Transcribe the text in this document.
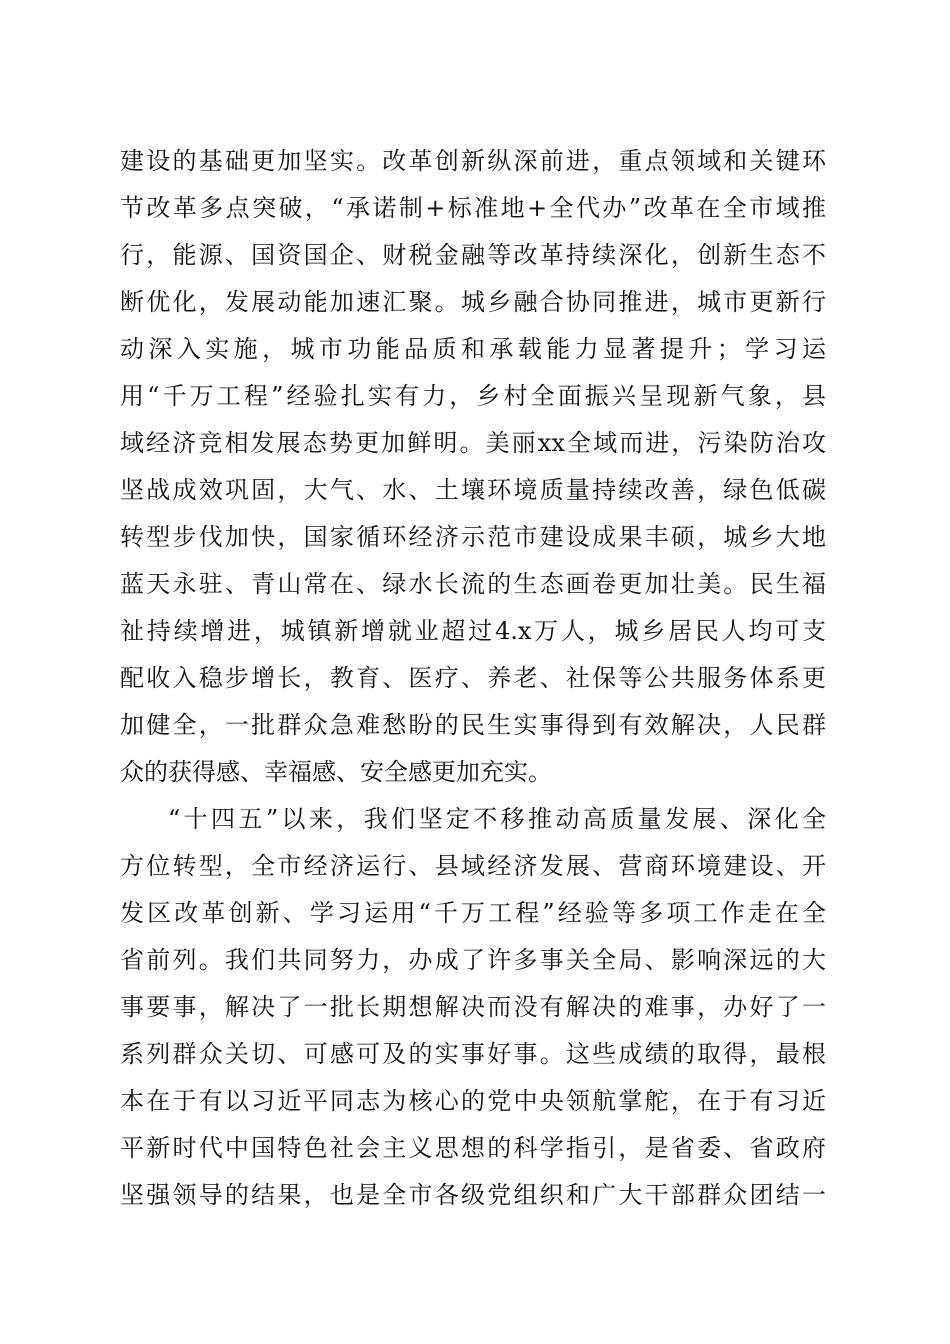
建设的基础更加坚实。改革创新纵深前进，重点领域和关键环
节改革多点突破，“承诺制+标准地+全代办”改革在全市域推
行，能源、国资国企、财税金融等改革持续深化，创新生态不
断优化，发展动能加速汇聚。城乡融合协同推进，城市更新行
动深入实施，城市功能品质和承载能力显著提升；学习运
用“千万工程”经验扎实有力，乡村全面振兴呈现新气象，县
域经济竞相发展态势更加鲜明。美丽xx全域而进，污染防治攻
坚战成效巩固，大气、水、土壤环境质量持续改善，绿色低碳
转型步伐加快，国家循环经济示范市建设成果丰硕，城乡大地
蓝天永驻、青山常在、绿水长流的生态画卷更加壮美。民生福
祉持续增进，城镇新增就业超过4.x万人，城乡居民人均可支
配收入稳步增长，教育、医疗、养老、社保等公共服务体系更
加健全，一批群众急难愁盼的民生实事得到有效解决，人民群
众的获得感、幸福感、安全感更加充实。
“十四五”以来，我们坚定不移推动高质量发展、深化全
方位转型，全市经济运行、县域经济发展、营商环境建设、开
发区改革创新、学习运用“千万工程”经验等多项工作走在全
省前列。我们共同努力，办成了许多事关全局、影响深远的大
事要事，解决了一批长期想解决而没有解决的难事，办好了一
系列群众关切、可感可及的实事好事。这些成绩的取得，最根
本在于有以习近平同志为核心的党中央领航掌舵，在于有习近
平新时代中国特色社会主义思想的科学指引，是省委、省政府
坚强领导的结果，也是全市各级党组织和广大干部群众团结一
